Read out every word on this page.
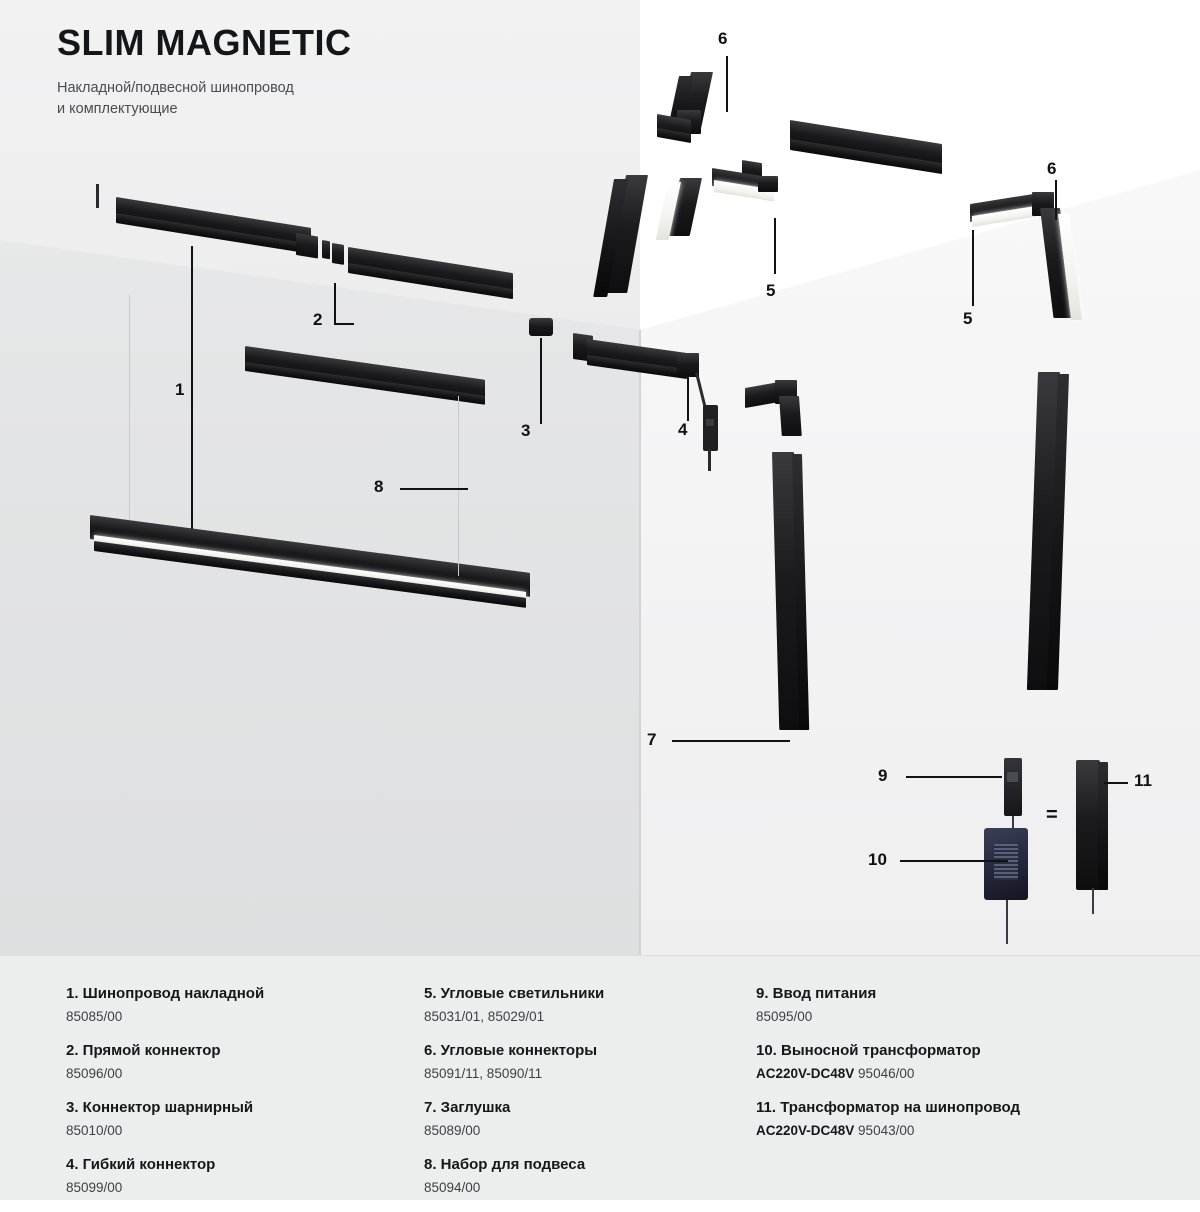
1
2
3	4
5
5
6
6
7
8
9
10
11
=
SLIM MAGNETIC
Накладной/подвесной шинопровод
и комплектующие
1. Шинопровод накладной
85085/00
2. Прямой коннектор
85096/00
3. Коннектор шарнирный
85010/00
4. Гибкий коннектор
85099/00
5. Угловые светильники
85031/01, 85029/01
6. Угловые коннекторы
85091/11, 85090/11
7. Заглушка
85089/00
8. Набор для подвеса
85094/00
9. Ввод питания
85095/00
10. Выносной трансформатор
AC220V-DC48V 95046/00
11. Трансформатор на шинопровод
AC220V-DC48V 95043/00
